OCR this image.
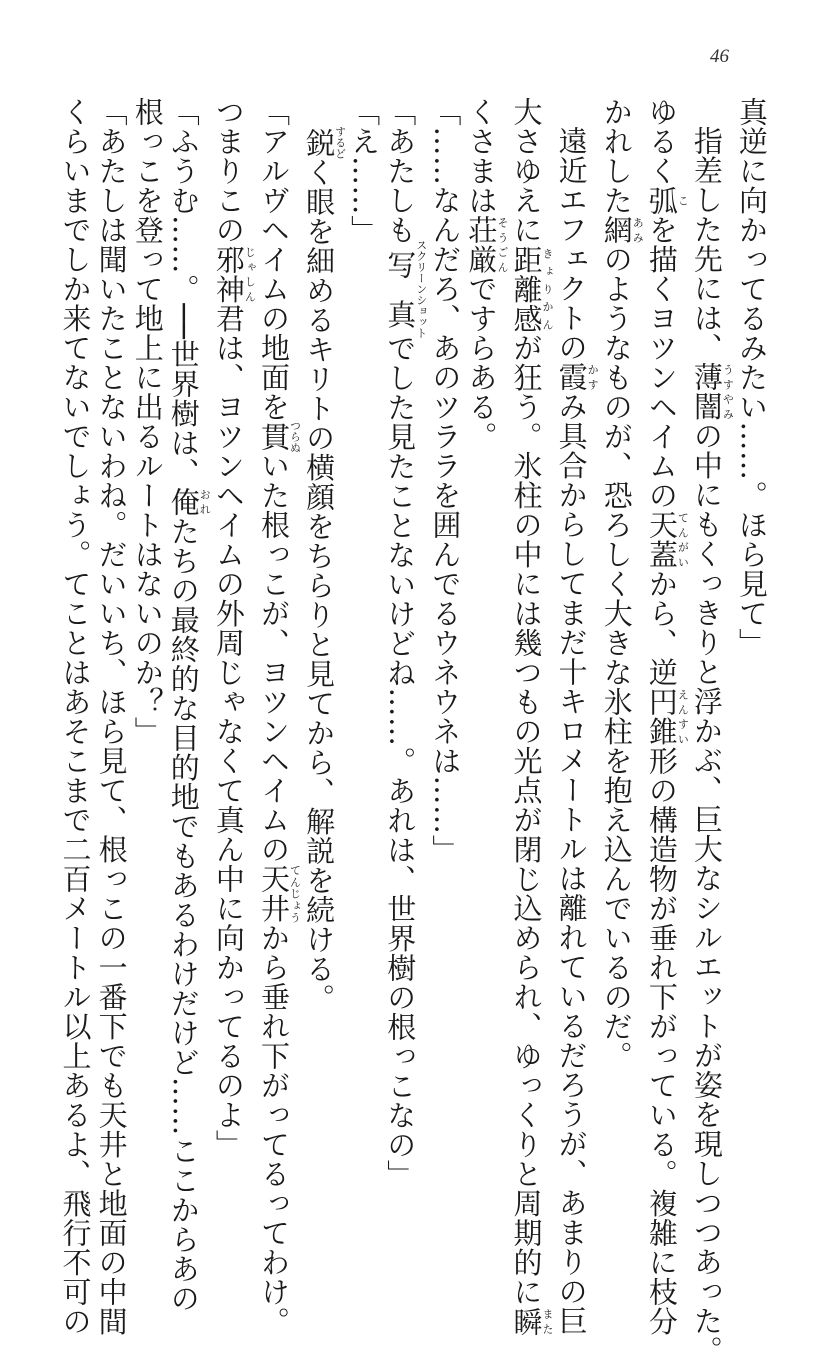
46

真逆に向かってるみたい……。ほら見て」

指差した先には、薄闇うすやみの中にもくっきりと浮かぶ、巨大なシルエットが姿を現しつつあった。

ゆるく弧こを描くヨツンヘイムの天蓋てんがいから、逆円錐えんすい形の構造物が垂れ下がっている。複雑に枝分

かれした網あみのようなものが、恐ろしく大きな氷柱を抱え込んでいるのだ。

遠近エフェクトの霞かすみ具合からしてまだ十キロメートルは離れているだろうが、あまりの巨

大さゆえに距離感きょりかんが狂う。氷柱の中には幾つもの光点が閉じ込められ、ゆっくりと周期的に瞬また

くさまは荘厳そうごんですらある。

「……なんだろ、あのツララを囲んでるウネウネは……」

「あたしも写真スクリーンショットでした見たことないけどね……。あれは、世界樹の根っこなの」

「え……」

鋭するどく眼を細めるキリトの横顔をちらりと見てから、解説を続ける。

「アルヴヘイムの地面を貫つらぬいた根っこが、ヨツンヘイムの天井てんじょうから垂れ下がってるってわけ。

つまりこの邪神じゃしん君は、ヨツンヘイムの外周じゃなくて真ん中に向かってるのよ」

「ふうむ……。──世界樹は、俺おれたちの最終的な目的地でもあるわけだけど……ここからあの

根っこを登って地上に出るルートはないのか？」

「あたしは聞いたことないわね。だいいち、ほら見て、根っこの一番下でも天井と地面の中間

くらいまでしか来てないでしょう。てことはあそこまで二百メートル以上あるよ、飛行不可の
